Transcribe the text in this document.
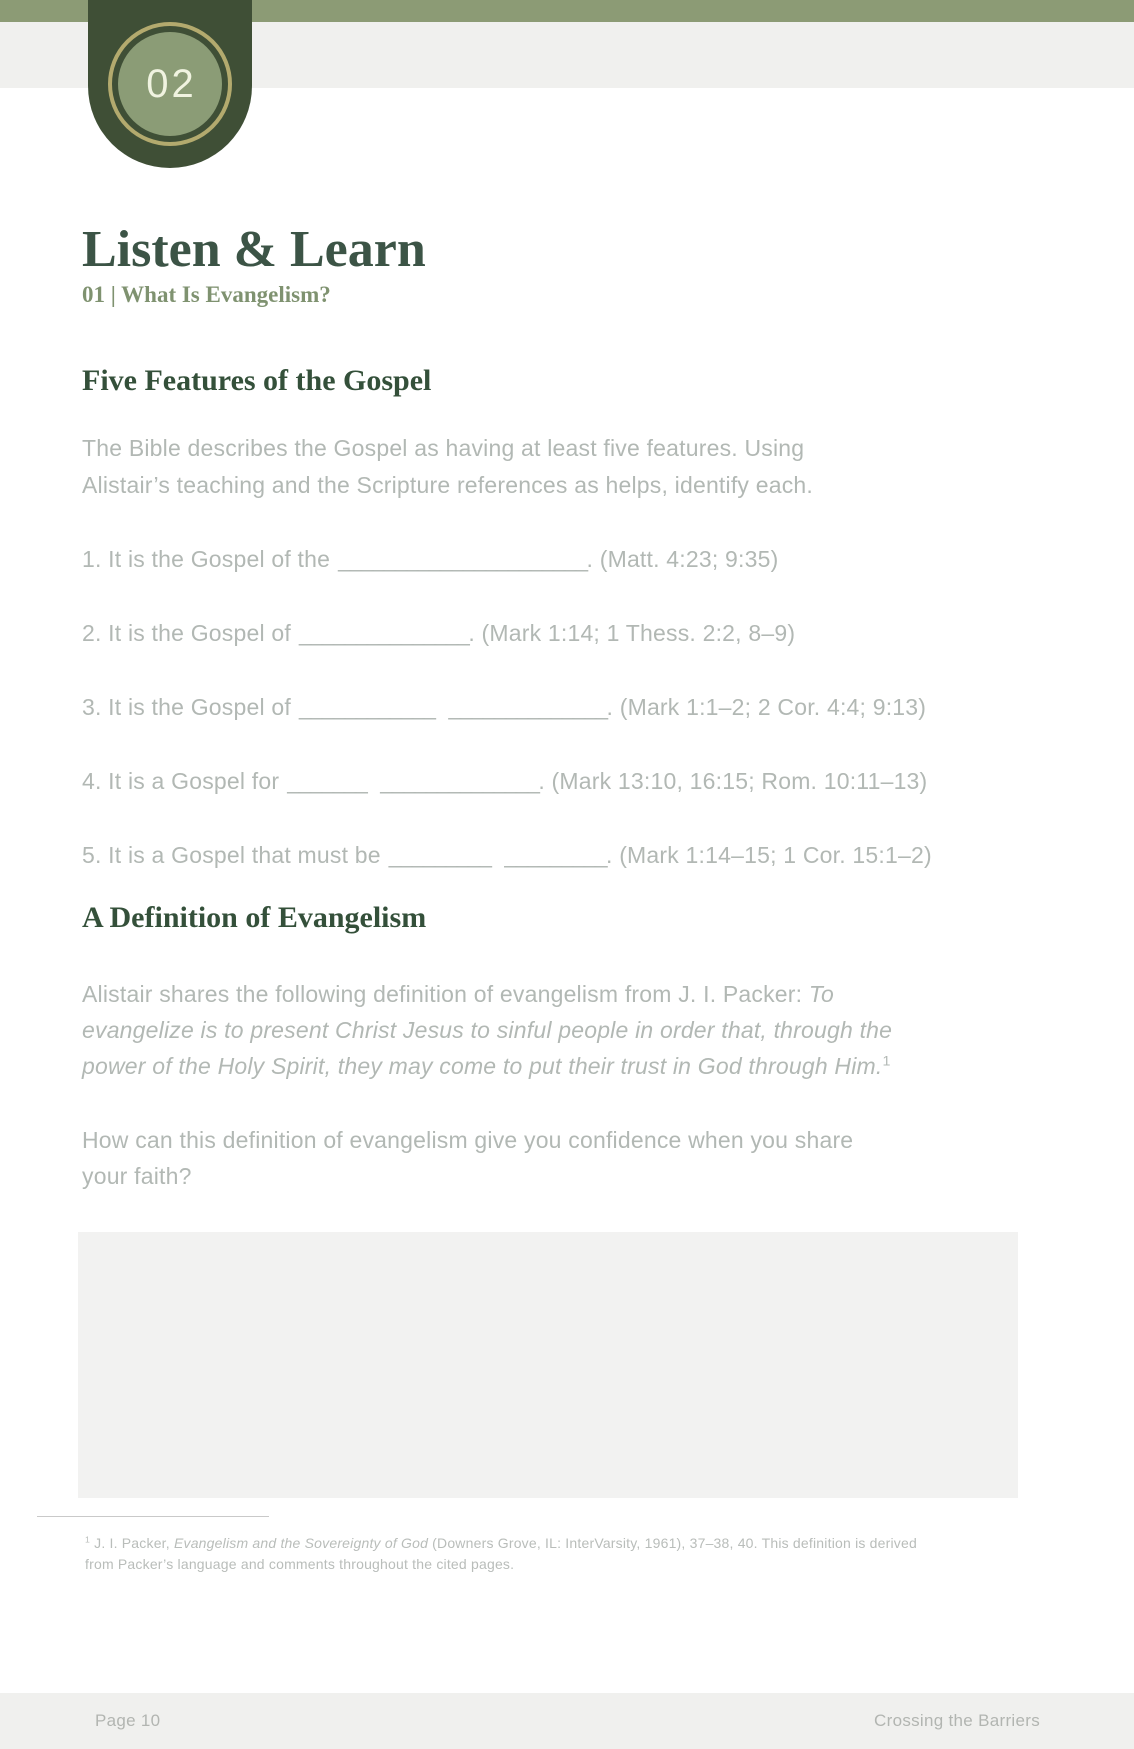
02
Listen & Learn
01 | What Is Evangelism?
Five Features of the Gospel

The Bible describes the Gospel as having at least five features. Using Alistair’s teaching and the Scripture references as helps, identify each.

1. It is the Gospel of the ______________________. (Matt. 4:23; 9:35)

2. It is the Gospel of _______________. (Mark 1:14; 1 Thess. 2:2, 8–9)

3. It is the Gospel of ____________ ______________. (Mark 1:1–2; 2 Cor. 4:4; 9:13)

4. It is a Gospel for _______ ______________. (Mark 13:10, 16:15; Rom. 10:11–13)

5. It is a Gospel that must be _________ _________. (Mark 1:14–15; 1 Cor. 15:1–2)

A Definition of Evangelism

Alistair shares the following definition of evangelism from J. I. Packer: To evangelize is to present Christ Jesus to sinful people in order that, through the power of the Holy Spirit, they may come to put their trust in God through Him.$^1$

How can this definition of evangelism give you confidence when you share your faith?

$^1$ J. I. Packer, Evangelism and the Sovereignty of God (Downers Grove, IL: InterVarsity, 1961), 37–38, 40. This definition is derived from Packer’s language and comments throughout the cited pages.

Page 10	Crossing the Barriers
